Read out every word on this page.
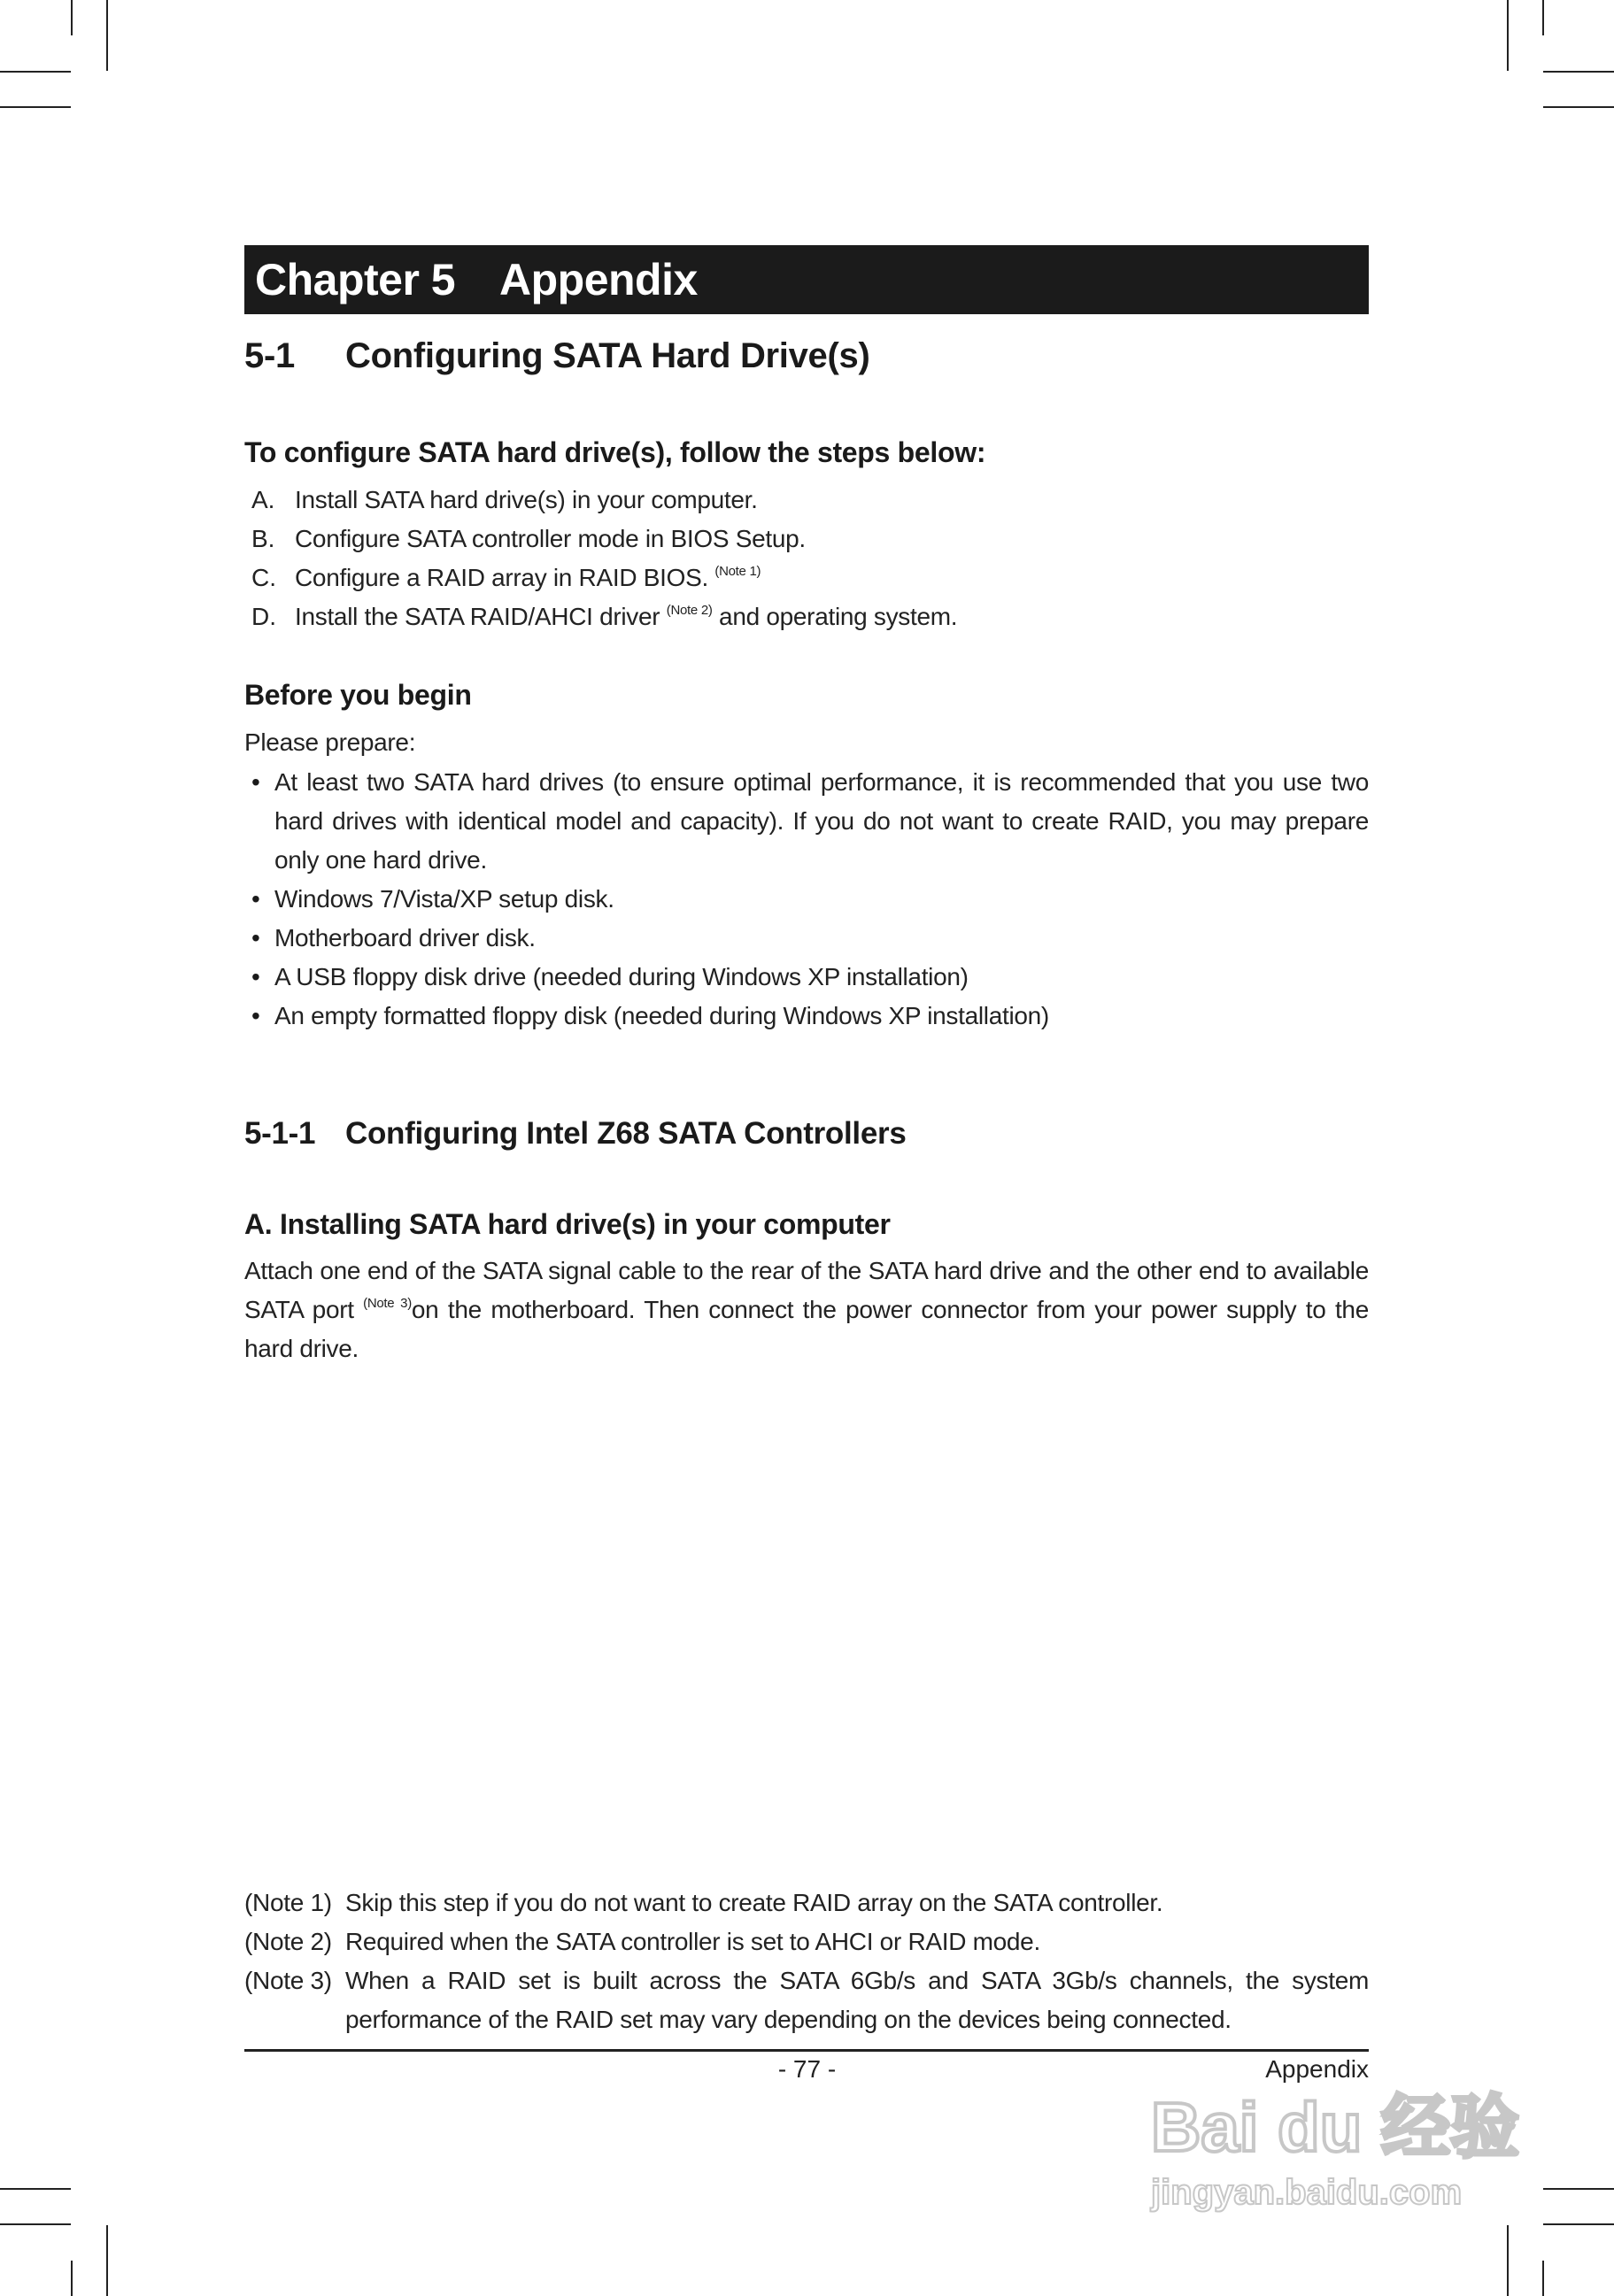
Chapter 5 Appendix
5-1 Configuring SATA Hard Drive(s)
To configure SATA hard drive(s), follow the steps below:
A. Install SATA hard drive(s) in your computer.
B. Configure SATA controller mode in BIOS Setup.
C. Configure a RAID array in RAID BIOS. $^{(Note 1)}$
D. Install the SATA RAID/AHCI driver $^{(Note 2)}$ and operating system.
Before you begin
Please prepare:
• At least two SATA hard drives (to ensure optimal performance, it is recommended that you use two hard drives with identical model and capacity). If you do not want to create RAID, you may prepare only one hard drive.
• Windows 7/Vista/XP setup disk.
• Motherboard driver disk.
• A USB floppy disk drive (needed during Windows XP installation)
• An empty formatted floppy disk (needed during Windows XP installation)
5-1-1 Configuring Intel Z68 SATA Controllers
A. Installing SATA hard drive(s) in your computer
Attach one end of the SATA signal cable to the rear of the SATA hard drive and the other end to available SATA port $^{(Note 3)}$on the motherboard. Then connect the power connector from your power supply to the hard drive.
(Note 1) Skip this step if you do not want to create RAID array on the SATA controller.
(Note 2) Required when the SATA controller is set to AHCI or RAID mode.
(Note 3) When a RAID set is built across the SATA 6Gb/s and SATA 3Gb/s channels, the system performance of the RAID set may vary depending on the devices being connected.
- 77 -	Appendix
Bai du 经验
jingyan.baidu.com
